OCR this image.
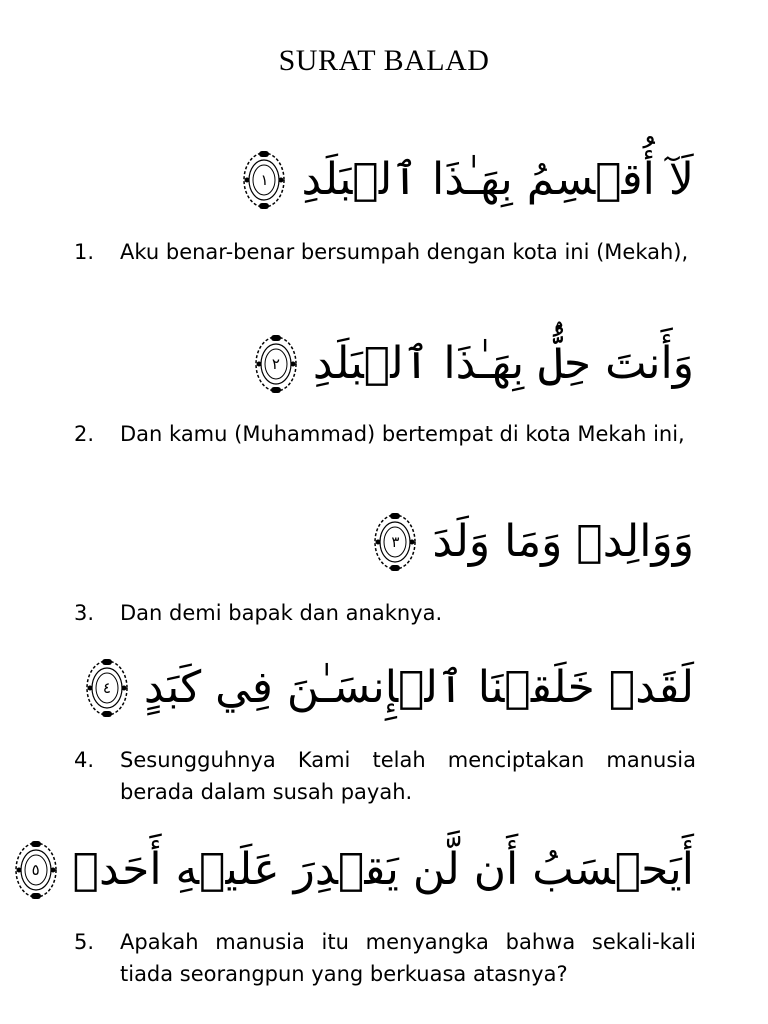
SURAT BALAD
لَآ أُقۡسِمُ بِهَـٰذَا ٱلۡبَلَدِ
١
1.	Aku benar-benar bersumpah dengan kota ini (Mekah),
وَأَنتَ حِلُّۢ بِهَـٰذَا ٱلۡبَلَدِ
٢
2.	Dan kamu (Muhammad) bertempat di kota Mekah ini,
وَوَالِدٖ وَمَا وَلَدَ
٣
3.	Dan demi bapak dan anaknya.
لَقَدۡ خَلَقۡنَا ٱلۡإِنسَـٰنَ فِي كَبَدٍ
٤
4.	Sesungguhnya Kami telah menciptakan manusia berada dalam susah payah.
أَيَحۡسَبُ أَن لَّن يَقۡدِرَ عَلَيۡهِ أَحَدٞ
٥
5.	Apakah manusia itu menyangka bahwa sekali-kali tiada seorangpun yang berkuasa atasnya?
